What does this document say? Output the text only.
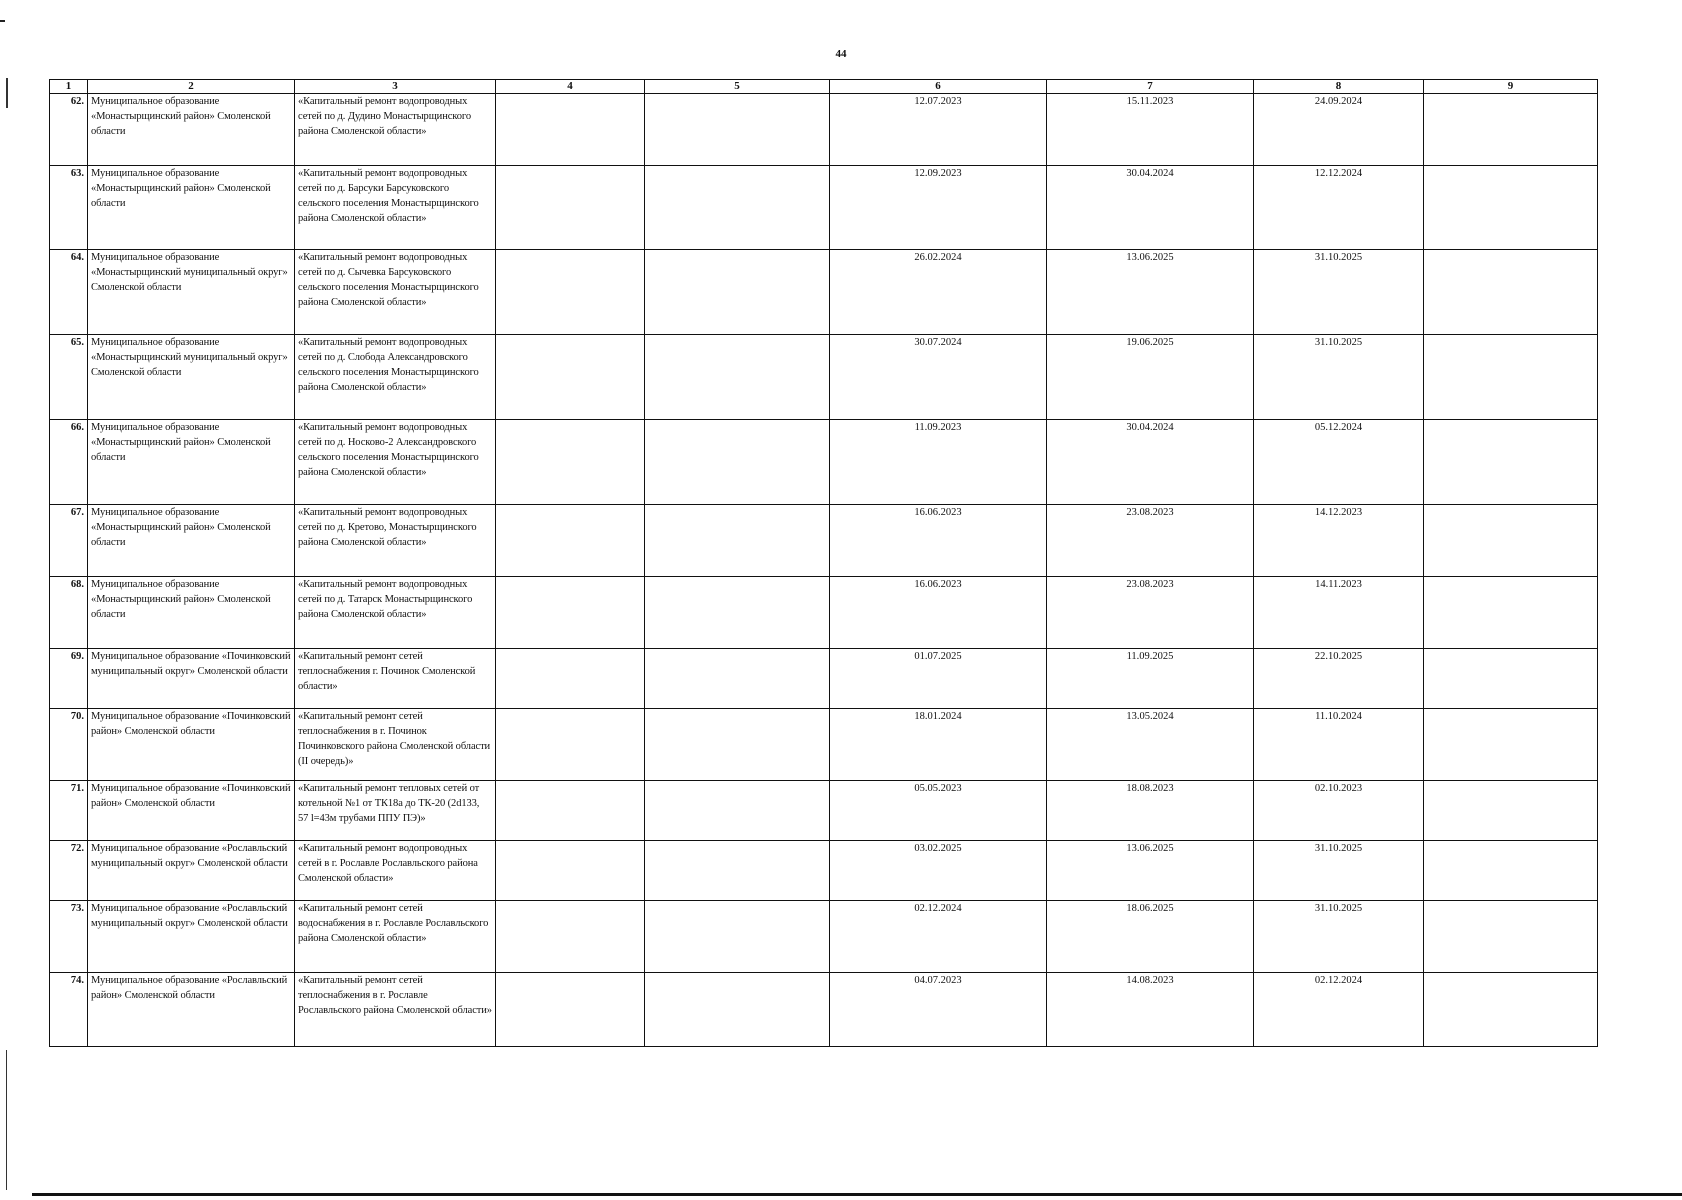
44
1	2	3	4	5	6	7	8	9
62.	Муниципальное образование «Монастырщинский район» Смоленской области	«Капитальный ремонт водопроводных сетей по д. Дудино Монастырщинского района Смоленской области»			12.07.2023	15.11.2023	24.09.2024	
63.	Муниципальное образование «Монастырщинский район» Смоленской области	«Капитальный ремонт водопроводных сетей по д. Барсуки Барсуковского сельского поселения Монастырщинского района Смоленской области»			12.09.2023	30.04.2024	12.12.2024	
64.	Муниципальное образование «Монастырщинский муниципальный округ» Смоленской области	«Капитальный ремонт водопроводных сетей по д. Сычевка Барсуковского сельского поселения Монастырщинского района Смоленской области»			26.02.2024	13.06.2025	31.10.2025	
65.	Муниципальное образование «Монастырщинский муниципальный округ» Смоленской области	«Капитальный ремонт водопроводных сетей по д. Слобода Александровского сельского поселения Монастырщинского района Смоленской области»			30.07.2024	19.06.2025	31.10.2025	
66.	Муниципальное образование «Монастырщинский район» Смоленской области	«Капитальный ремонт водопроводных сетей по д. Носково-2 Александровского сельского поселения Монастырщинского района Смоленской области»			11.09.2023	30.04.2024	05.12.2024	
67.	Муниципальное образование «Монастырщинский район» Смоленской области	«Капитальный ремонт водопроводных сетей по д. Кретово, Монастырщинского района Смоленской области»			16.06.2023	23.08.2023	14.12.2023	
68.	Муниципальное образование «Монастырщинский район» Смоленской области	«Капитальный ремонт водопроводных сетей по д. Татарск Монастырщинского района Смоленской области»			16.06.2023	23.08.2023	14.11.2023	
69.	Муниципальное образование «Починковский муниципальный округ» Смоленской области	«Капитальный ремонт сетей теплоснабжения г. Починок Смоленской области»			01.07.2025	11.09.2025	22.10.2025	
70.	Муниципальное образование «Починковский район» Смоленской области	«Капитальный ремонт сетей теплоснабжения в г. Починок Починковского района Смоленской области (II очередь)»			18.01.2024	13.05.2024	11.10.2024	
71.	Муниципальное образование «Починковский район» Смоленской области	«Капитальный ремонт тепловых сетей от котельной №1 от ТК18а до ТК-20 (2d133, 57 l=43м трубами ППУ ПЭ)»			05.05.2023	18.08.2023	02.10.2023	
72.	Муниципальное образование «Рославльский муниципальный округ» Смоленской области	«Капитальный ремонт водопроводных сетей в г. Рославле Рославльского района Смоленской области»			03.02.2025	13.06.2025	31.10.2025	
73.	Муниципальное образование «Рославльский муниципальный округ» Смоленской области	«Капитальный ремонт сетей водоснабжения в г. Рославле Рославльского района Смоленской области»			02.12.2024	18.06.2025	31.10.2025	
74.	Муниципальное образование «Рославльский район» Смоленской области	«Капитальный ремонт сетей теплоснабжения в г. Рославле Рославльского района Смоленской области»			04.07.2023	14.08.2023	02.12.2024	
